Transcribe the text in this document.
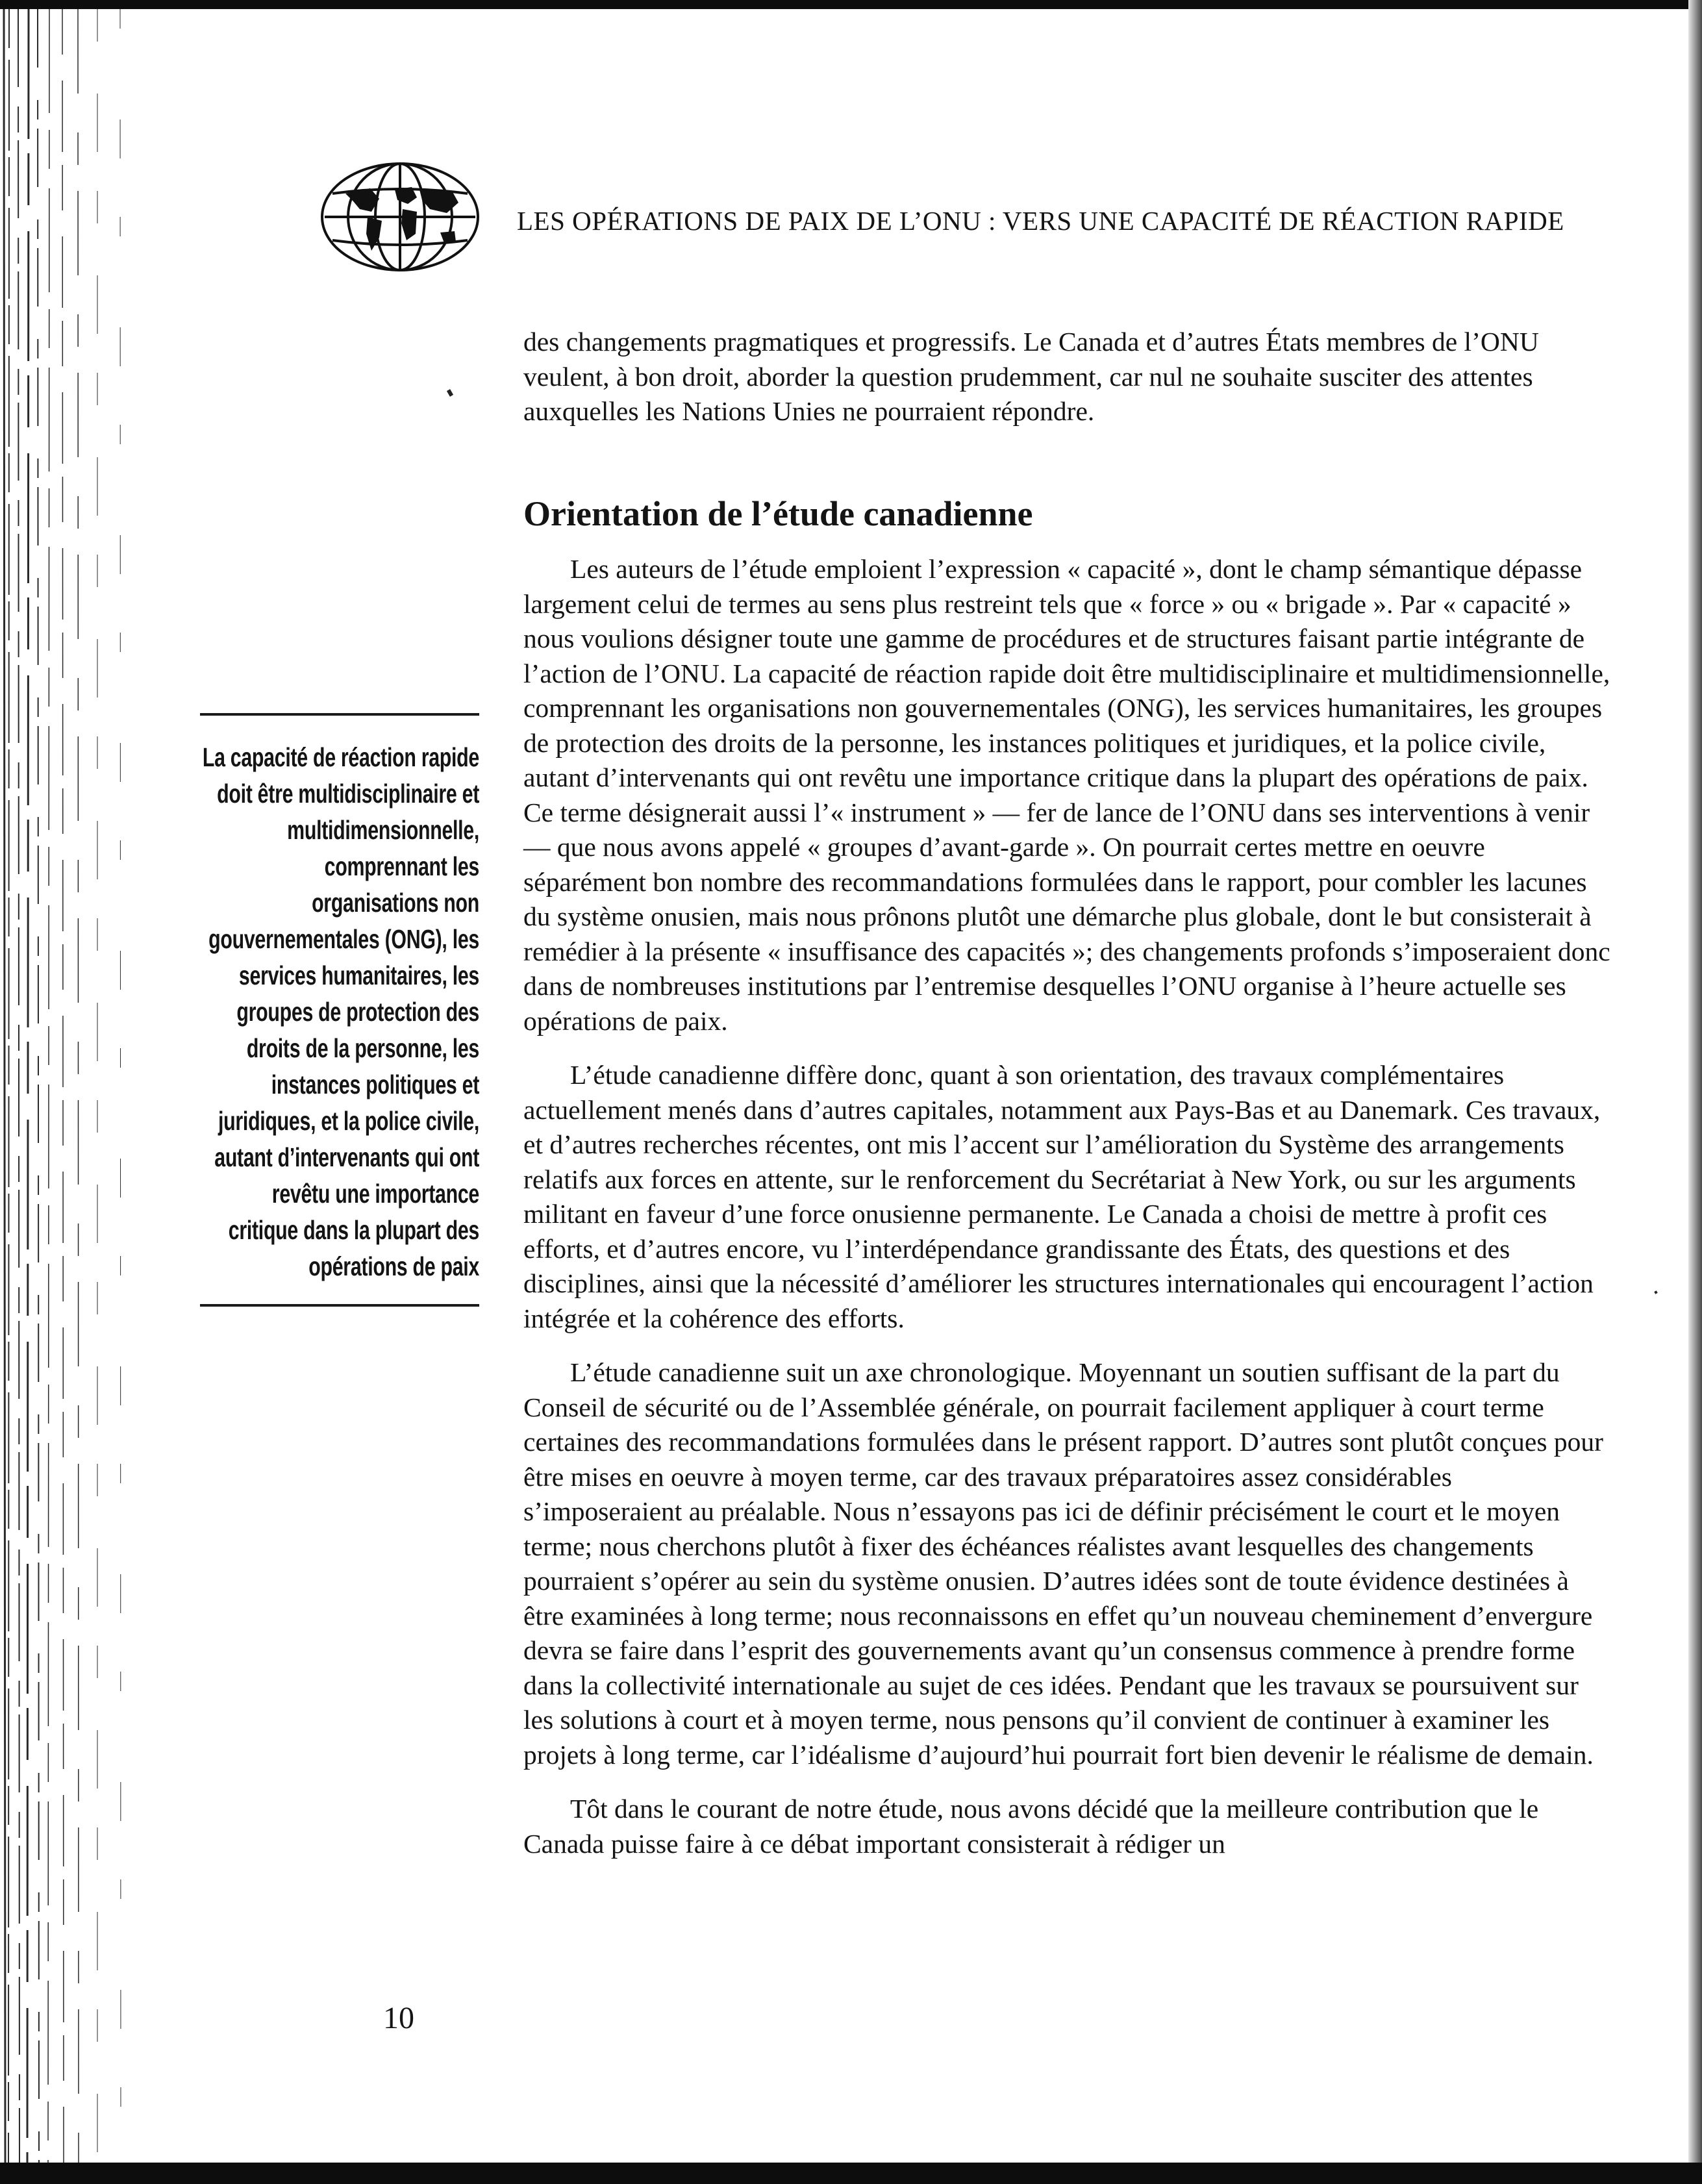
LES OPÉRATIONS DE PAIX DE L’ONU : VERS UNE CAPACITÉ DE RÉACTION RAPIDE

des changements pragmatiques et progressifs. Le Canada et d’autres États membres de l’ONU veulent, à bon droit, aborder la question prudemment, car nul ne souhaite susciter des attentes auxquelles les Nations Unies ne pourraient répondre.

Orientation de l’étude canadienne

Les auteurs de l’étude emploient l’expression « capacité », dont le champ sémantique dépasse largement celui de termes au sens plus restreint tels que « force » ou « brigade ». Par « capacité » nous voulions désigner toute une gamme de procédures et de structures faisant partie intégrante de l’action de l’ONU. La capacité de réaction rapide doit être multidisciplinaire et multidimensionnelle, comprennant les organisations non gouvernementales (ONG), les services humanitaires, les groupes de protection des droits de la personne, les instances politiques et juridiques, et la police civile, autant d’intervenants qui ont revêtu une importance critique dans la plupart des opérations de paix. Ce terme désignerait aussi l’« instrument » — fer de lance de l’ONU dans ses interventions à venir — que nous avons appelé « groupes d’avant-garde ». On pourrait certes mettre en oeuvre séparément bon nombre des recommandations formulées dans le rapport, pour combler les lacunes du système onusien, mais nous prônons plutôt une démarche plus globale, dont le but consisterait à remédier à la présente « insuffisance des capacités »; des changements profonds s’imposeraient donc dans de nombreuses institutions par l’entremise desquelles l’ONU organise à l’heure actuelle ses opérations de paix.

L’étude canadienne diffère donc, quant à son orientation, des travaux complémentaires actuellement menés dans d’autres capitales, notamment aux Pays-Bas et au Danemark. Ces travaux, et d’autres recherches récentes, ont mis l’accent sur l’amélioration du Système des arrangements relatifs aux forces en attente, sur le renforcement du Secrétariat à New York, ou sur les arguments militant en faveur d’une force onusienne permanente. Le Canada a choisi de mettre à profit ces efforts, et d’autres encore, vu l’interdépendance grandissante des États, des questions et des disciplines, ainsi que la nécessité d’améliorer les structures internationales qui encouragent l’action intégrée et la cohérence des efforts.

L’étude canadienne suit un axe chronologique. Moyennant un soutien suffisant de la part du Conseil de sécurité ou de l’Assemblée générale, on pourrait facilement appliquer à court terme certaines des recommandations formulées dans le présent rapport. D’autres sont plutôt conçues pour être mises en oeuvre à moyen terme, car des travaux préparatoires assez considérables s’imposeraient au préalable. Nous n’essayons pas ici de définir précisément le court et le moyen terme; nous cherchons plutôt à fixer des échéances réalistes avant lesquelles des changements pourraient s’opérer au sein du système onusien. D’autres idées sont de toute évidence destinées à être examinées à long terme; nous reconnaissons en effet qu’un nouveau cheminement d’envergure devra se faire dans l’esprit des gouvernements avant qu’un consensus commence à prendre forme dans la collectivité internationale au sujet de ces idées. Pendant que les travaux se poursuivent sur les solutions à court et à moyen terme, nous pensons qu’il convient de continuer à examiner les projets à long terme, car l’idéalisme d’aujourd’hui pourrait fort bien devenir le réalisme de demain.

Tôt dans le courant de notre étude, nous avons décidé que la meilleure contribution que le Canada puisse faire à ce débat important consisterait à rédiger un

La capacité de réaction rapide doit être multidisciplinaire et multidimensionnelle, comprennant les organisations non gouvernementales (ONG), les services humanitaires, les groupes de protection des droits de la personne, les instances politiques et juridiques, et la police civile, autant d’intervenants qui ont revêtu une importance critique dans la plupart des opérations de paix
10
